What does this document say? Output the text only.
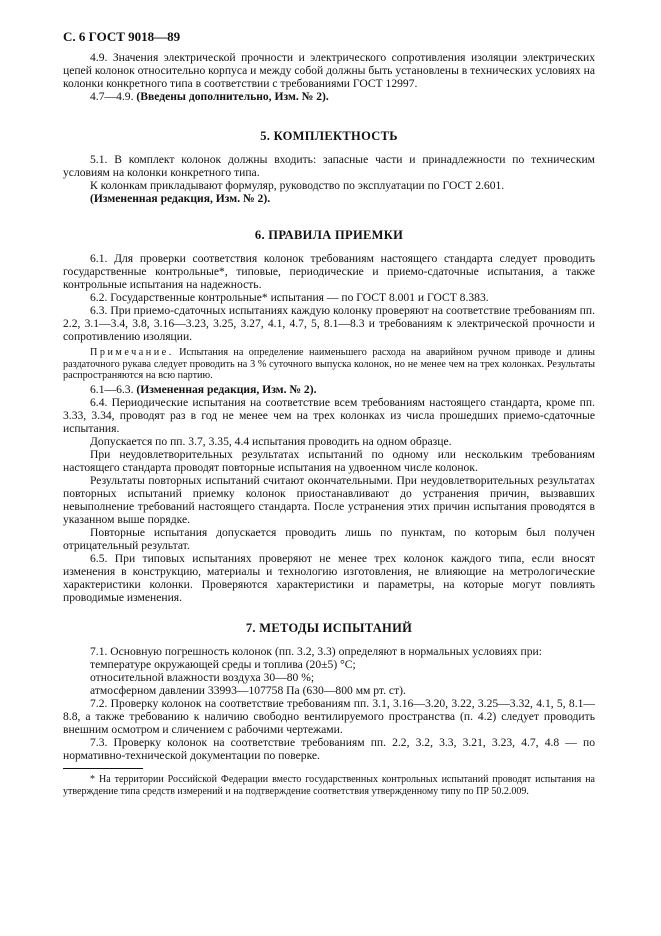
С. 6 ГОСТ 9018—89

4.9. Значения электрической прочности и электрического сопротивления изоляции электрических цепей колонок относительно корпуса и между собой должны быть установлены в технических условиях на колонки конкретного типа в соответствии с требованиями ГОСТ 12997.

4.7—4.9. (Введены дополнительно, Изм. № 2).

5. КОМПЛЕКТНОСТЬ

5.1. В комплект колонок должны входить: запасные части и принадлежности по техническим условиям на колонки конкретного типа.

К колонкам прикладывают формуляр, руководство по эксплуатации по ГОСТ 2.601.

(Измененная редакция, Изм. № 2).

6. ПРАВИЛА ПРИЕМКИ

6.1. Для проверки соответствия колонок требованиям настоящего стандарта следует проводить государственные контрольные*, типовые, периодические и приемо-сдаточные испытания, а также контрольные испытания на надежность.

6.2. Государственные контрольные* испытания — по ГОСТ 8.001 и ГОСТ 8.383.

6.3. При приемо-сдаточных испытаниях каждую колонку проверяют на соответствие требованиям пп. 2.2, 3.1—3.4, 3.8, 3.16—3.23, 3.25, 3.27, 4.1, 4.7, 5, 8.1—8.3 и требованиям к электрической прочности и сопротивлению изоляции.

Примечание. Испытания на определение наименьшего расхода на аварийном ручном приводе и длины раздаточного рукава следует проводить на 3 % суточного выпуска колонок, но не менее чем на трех колонках. Результаты распространяются на всю партию.

6.1—6.3. (Измененная редакция, Изм. № 2).

6.4. Периодические испытания на соответствие всем требованиям настоящего стандарта, кроме пп. 3.33, 3.34, проводят раз в год не менее чем на трех колонках из числа прошедших приемо-сдаточные испытания.

Допускается по пп. 3.7, 3.35, 4.4 испытания проводить на одном образце.

При неудовлетворительных результатах испытаний по одному или нескольким требованиям настоящего стандарта проводят повторные испытания на удвоенном числе колонок.

Результаты повторных испытаний считают окончательными. При неудовлетворительных результатах повторных испытаний приемку колонок приостанавливают до устранения причин, вызвавших невыполнение требований настоящего стандарта. После устранения этих причин испытания проводятся в указанном выше порядке.

Повторные испытания допускается проводить лишь по пунктам, по которым был получен отрицательный результат.

6.5. При типовых испытаниях проверяют не менее трех колонок каждого типа, если вносят изменения в конструкцию, материалы и технологию изготовления, не влияющие на метрологические характеристики колонки. Проверяются характеристики и параметры, на которые могут повлиять проводимые изменения.

7. МЕТОДЫ ИСПЫТАНИЙ

7.1. Основную погрешность колонок (пп. 3.2, 3.3) определяют в нормальных условиях при:

температуре окружающей среды и топлива (20±5) °С;

относительной влажности воздуха 30—80 %;

атмосферном давлении 33993—107758 Па (630—800 мм рт. ст).

7.2. Проверку колонок на соответствие требованиям пп. 3.1, 3.16—3.20, 3.22, 3.25—3.32, 4.1, 5, 8.1—8.8, а также требованию к наличию свободно вентилируемого пространства (п. 4.2) следует проводить внешним осмотром и сличением с рабочими чертежами.

7.3. Проверку колонок на соответствие требованиям пп. 2.2, 3.2, 3.3, 3.21, 3.23, 4.7, 4.8 — по нормативно-технической документации по поверке.

* На территории Российской Федерации вместо государственных контрольных испытаний проводят испытания на утверждение типа средств измерений и на подтверждение соответствия утвержденному типу по ПР 50.2.009.
